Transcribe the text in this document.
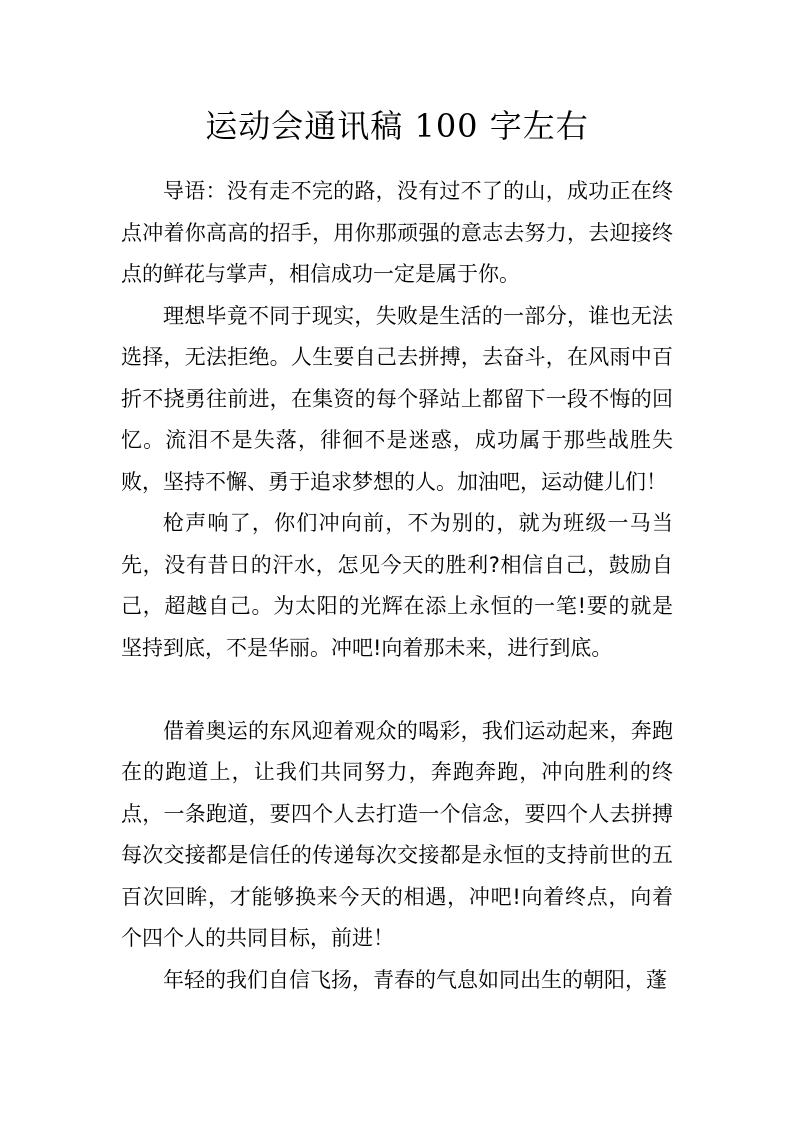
运动会通讯稿 100 字左右

导语：没有走不完的路，没有过不了的山，成功正在终点冲着你高高的招手，用你那顽强的意志去努力，去迎接终点的鲜花与掌声，相信成功一定是属于你。

理想毕竟不同于现实，失败是生活的一部分，谁也无法选择，无法拒绝。人生要自己去拼搏，去奋斗，在风雨中百折不挠勇往前进，在集资的每个驿站上都留下一段不悔的回忆。流泪不是失落，徘徊不是迷惑，成功属于那些战胜失败，坚持不懈、勇于追求梦想的人。加油吧，运动健儿们！

枪声响了，你们冲向前，不为别的，就为班级一马当先，没有昔日的汗水，怎见今天的胜利?相信自己，鼓励自己，超越自己。为太阳的光辉在添上永恒的一笔!要的就是坚持到底，不是华丽。冲吧!向着那未来，进行到底。

借着奥运的东风迎着观众的喝彩，我们运动起来，奔跑在的跑道上，让我们共同努力，奔跑奔跑，冲向胜利的终点，一条跑道，要四个人去打造一个信念，要四个人去拼搏每次交接都是信任的传递每次交接都是永恒的支持前世的五百次回眸，才能够换来今天的相遇，冲吧!向着终点，向着个四个人的共同目标，前进！

年轻的我们自信飞扬，青春的气息如同出生的朝阳，蓬
